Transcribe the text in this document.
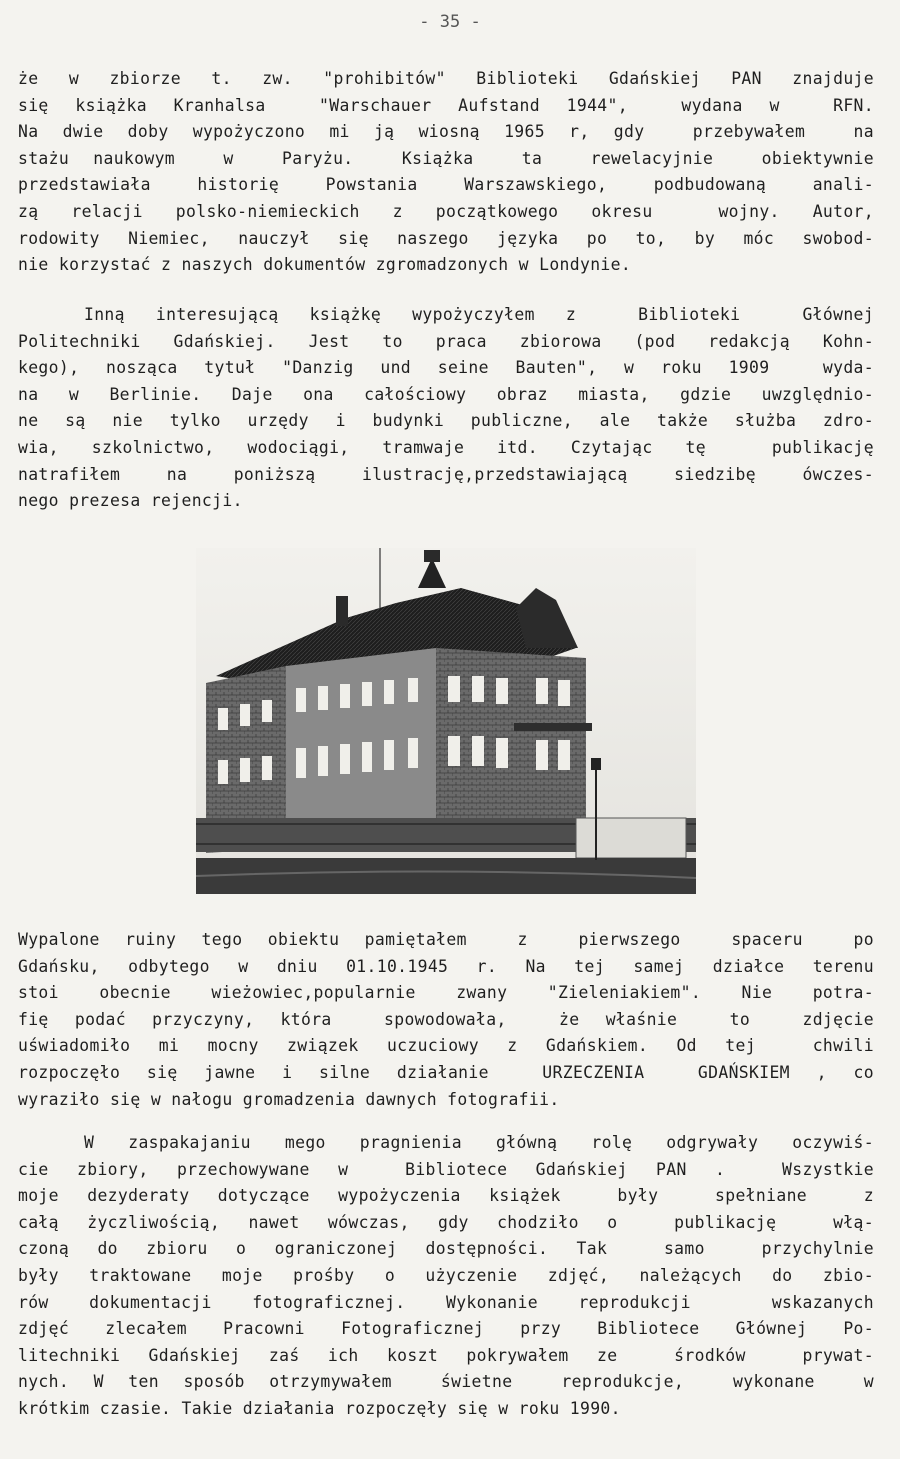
- 35 -
że w zbiorze t. zw. "prohibitów" Biblioteki Gdańskiej PAN znajduje
się książka Kranhalsa  "Warschauer Aufstand 1944",  wydana w  RFN.
Na dwie doby wypożyczono mi ją wiosną 1965 r, gdy  przebywałem  na
stażu naukowym  w  Paryżu.  Książka  ta  rewelacyjnie  obiektywnie
przedstawiała historię Powstania Warszawskiego, podbudowaną anali-
zą relacji polsko-niemieckich z początkowego okresu  wojny. Autor,
rodowity Niemiec, nauczył się naszego języka po to, by móc swobod-
nie korzystać z naszych dokumentów zgromadzonych w Londynie.
Inną interesującą książkę wypożyczyłem z  Biblioteki  Głównej
Politechniki Gdańskiej. Jest to praca zbiorowa (pod redakcją Kohn-
kego), nosząca tytuł "Danzig und seine Bauten", w roku 1909  wyda-
na w Berlinie. Daje ona całościowy obraz miasta, gdzie uwzględnio-
ne są nie tylko urzędy i budynki publiczne, ale także służba zdro-
wia, szkolnictwo, wodociągi, tramwaje itd. Czytając tę  publikację
natrafiłem na poniższą ilustrację,przedstawiającą siedzibę ówczes-
nego prezesa rejencji.
Wypalone ruiny tego obiektu pamiętałem  z  pierwszego  spaceru  po
Gdańsku, odbytego w dniu 01.10.1945 r. Na tej samej działce terenu
stoi obecnie wieżowiec,popularnie zwany "Zieleniakiem". Nie potra-
fię podać przyczyny, która  spowodowała,  że właśnie  to  zdjęcie
uświadomiło mi mocny związek uczuciowy z Gdańskiem. Od tej  chwili
rozpoczęło się jawne i silne działanie  URZECZENIA  GDAŃSKIEM , co
wyraziło się w nałogu gromadzenia dawnych fotografii.
W zaspakajaniu mego pragnienia główną rolę odgrywały oczywiś-
cie zbiory, przechowywane w  Bibliotece Gdańskiej PAN .  Wszystkie
moje dezyderaty dotyczące wypożyczenia książek  były  spełniane  z
całą życzliwością, nawet wówczas, gdy chodziło o  publikację  włą-
czoną do zbioru o ograniczonej dostępności. Tak  samo  przychylnie
były traktowane moje prośby o użyczenie zdjęć, należących do zbio-
rów dokumentacji fotograficznej. Wykonanie reprodukcji  wskazanych
zdjęć zlecałem Pracowni Fotograficznej przy Bibliotece Głównej Po-
litechniki Gdańskiej zaś ich koszt pokrywałem ze  środków  prywat-
nych. W ten sposób otrzymywałem  świetne  reprodukcje,  wykonane  w
krótkim czasie. Takie działania rozpoczęły się w roku 1990.
